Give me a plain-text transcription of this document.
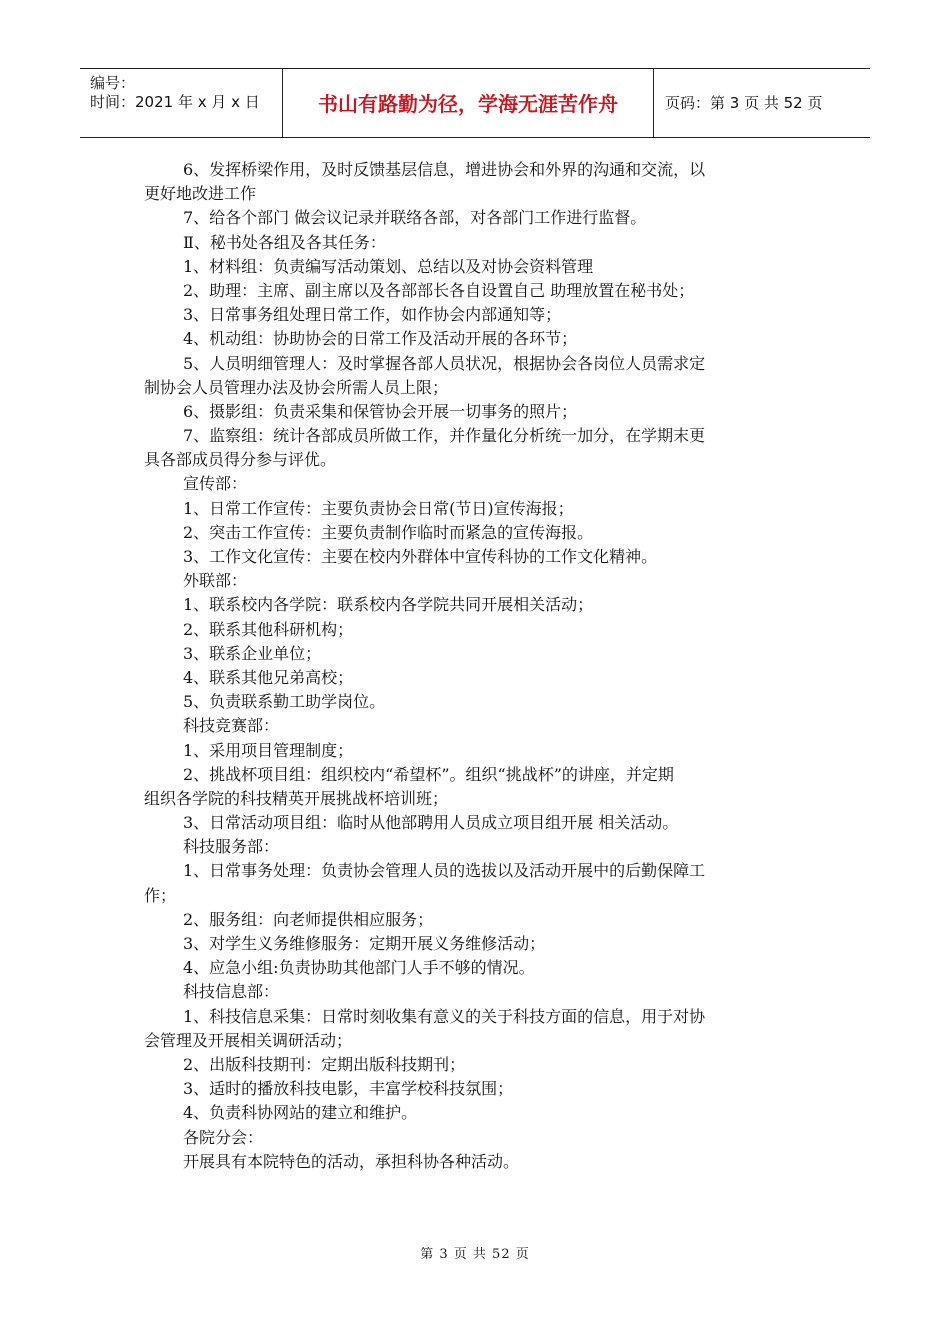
编号：
时间：2021 年 x 月 x 日	书山有路勤为径，学海无涯苦作舟	页码：第 3 页 共 52 页
6、发挥桥梁作用，及时反馈基层信息，增进协会和外界的沟通和交流，以
更好地改进工作
7、给各个部门 做会议记录并联络各部，对各部门工作进行监督。
Ⅱ、秘书处各组及各其任务：
1、材料组：负责编写活动策划、总结以及对协会资料管理
2、助理：主席、副主席以及各部部长各自设置自己 助理放置在秘书处；
3、日常事务组处理日常工作，如作协会内部通知等；
4、机动组：协助协会的日常工作及活动开展的各环节；
5、人员明细管理人：及时掌握各部人员状况，根据协会各岗位人员需求定
制协会人员管理办法及协会所需人员上限；
6、摄影组：负责采集和保管协会开展一切事务的照片；
7、监察组：统计各部成员所做工作，并作量化分析统一加分，在学期末更
具各部成员得分参与评优。
宣传部：
1、日常工作宣传：主要负责协会日常(节日)宣传海报；
2、突击工作宣传：主要负责制作临时而紧急的宣传海报。
3、工作文化宣传：主要在校内外群体中宣传科协的工作文化精神。
外联部：
1、联系校内各学院：联系校内各学院共同开展相关活动；
2、联系其他科研机构；
3、联系企业单位；
4、联系其他兄弟高校；
5、负责联系勤工助学岗位。
科技竞赛部：
1、采用项目管理制度；
2、挑战杯项目组：组织校内“希望杯”。组织“挑战杯”的讲座，并定期
组织各学院的科技精英开展挑战杯培训班；
3、日常活动项目组：临时从他部聘用人员成立项目组开展 相关活动。
科技服务部：
1、日常事务处理：负责协会管理人员的选拔以及活动开展中的后勤保障工
作；
2、服务组：向老师提供相应服务；
3、对学生义务维修服务：定期开展义务维修活动；
4、应急小组:负责协助其他部门人手不够的情况。
科技信息部：
1、科技信息采集：日常时刻收集有意义的关于科技方面的信息，用于对协
会管理及开展相关调研活动；
2、出版科技期刊：定期出版科技期刊；
3、适时的播放科技电影，丰富学校科技氛围；
4、负责科协网站的建立和维护。
各院分会：
开展具有本院特色的活动，承担科协各种活动。
第 3 页 共 52 页
